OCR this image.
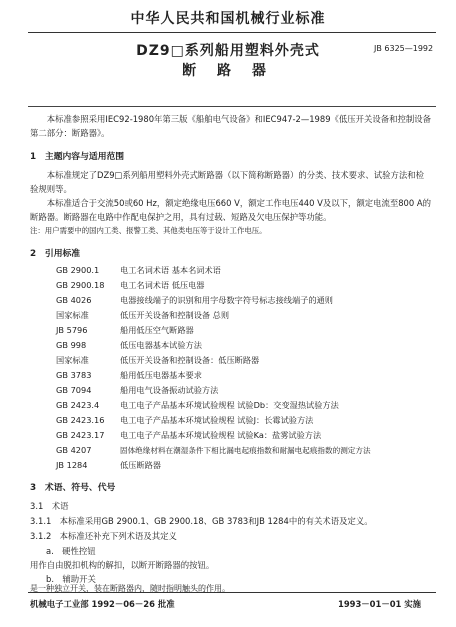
中华人民共和国机械行业标准
DZ9□系列船用塑料外壳式
断 路 器
JB 6325—1992
本标准参照采用IEC92-1980年第三版《船舶电气设备》和IEC947-2—1989《低压开关设备和控制设备 第二部分：断路器》。
1　主题内容与适用范围
本标准规定了DZ9□系列船用塑料外壳式断路器（以下简称断路器）的分类、技术要求、试验方法和检验规则等。
本标准适合于交流50或60 Hz，额定绝缘电压660 V，额定工作电压440 V及以下，额定电流至800 A的断路器。断路器在电路中作配电保护之用，具有过载、短路及欠电压保护等功能。
注：用户需要中的国内工类、报警工类、其他类电压等于设计工作电压。
2　引用标准
GB 2900.1	电工名词术语 基本名词术语
GB 2900.18 电工名词术语 低压电器
GB 4026	电器接线端子的识别和用字母数字符号标志接线端子的通则
国家标准	低压开关设备和控制设备 总则
JB 5796	船用低压空气断路器
GB 998	低压电器基本试验方法
国家标准	低压开关设备和控制设备：低压断路器
GB 3783	船用低压电器基本要求
GB 7094	船用电气设备振动试验方法
GB 2423.4	电工电子产品基本环境试验规程 试验Db：交变湿热试验方法
GB 2423.16 电工电子产品基本环境试验规程 试验J：长霉试验方法
GB 2423.17 电工电子产品基本环境试验规程 试验Ka：盐雾试验方法
GB 4207	固体绝缘材料在潮湿条件下相比漏电起痕指数和耐漏电起痕指数的测定方法
JB 1284	低压断路器
3　术语、符号、代号
3.1　术语
3.1.1　本标准采用GB 2900.1、GB 2900.18、GB 3783和JB 1284中的有关术语及定义。
3.1.2　本标准还补充下列术语及其定义
a.　硬性控钮
用作自由脱扣机构的解扣，以断开断路器的按钮。
b.　辅助开关
是一种独立开关，装在断路器内，随时指明触头的作用。
机械电子工业部 1992－06－26 批准	1993－01－01 实施
